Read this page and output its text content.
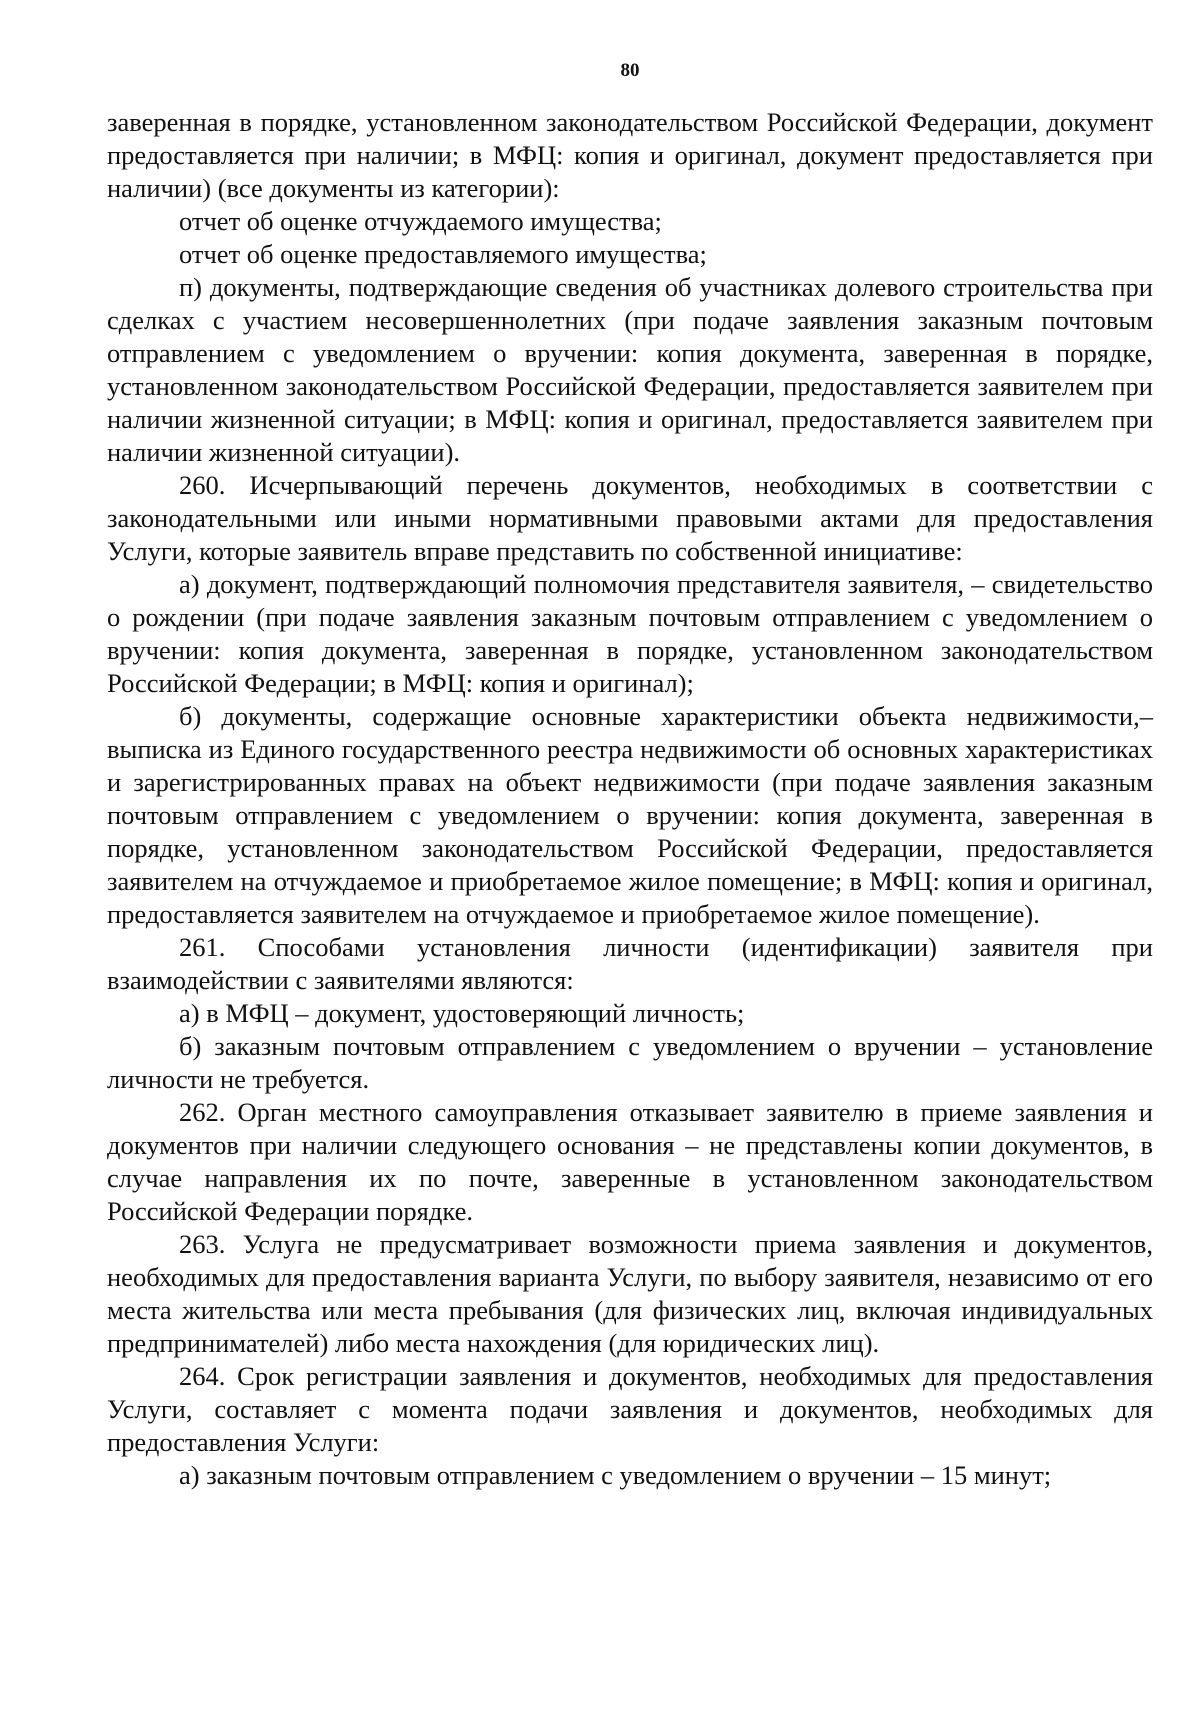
80

заверенная в порядке, установленном законодательством Российской Федерации, документ предоставляется при наличии; в МФЦ: копия и оригинал, документ предоставляется при наличии) (все документы из категории):

отчет об оценке отчуждаемого имущества;

отчет об оценке предоставляемого имущества;

п) документы, подтверждающие сведения об участниках долевого строительства при сделках с участием несовершеннолетних (при подаче заявления заказным почтовым отправлением с уведомлением о вручении: копия документа, заверенная в порядке, установленном законодательством Российской Федерации, предоставляется заявителем при наличии жизненной ситуации; в МФЦ: копия и оригинал, предоставляется заявителем при наличии жизненной ситуации).

260. Исчерпывающий перечень документов, необходимых в соответствии с законодательными или иными нормативными правовыми актами для предоставления Услуги, которые заявитель вправе представить по собственной инициативе:

а) документ, подтверждающий полномочия представителя заявителя, – свидетельство о рождении (при подаче заявления заказным почтовым отправлением с уведомлением о вручении: копия документа, заверенная в порядке, установленном законодательством Российской Федерации; в МФЦ: копия и оригинал);

б) документы, содержащие основные характеристики объекта недвижимости,– выписка из Единого государственного реестра недвижимости об основных характеристиках и зарегистрированных правах на объект недвижимости (при подаче заявления заказным почтовым отправлением с уведомлением о вручении: копия документа, заверенная в порядке, установленном законодательством Российской Федерации, предоставляется заявителем на отчуждаемое и приобретаемое жилое помещение; в МФЦ: копия и оригинал, предоставляется заявителем на отчуждаемое и приобретаемое жилое помещение).

261. Способами установления личности (идентификации) заявителя при взаимодействии с заявителями являются:

а) в МФЦ – документ, удостоверяющий личность;

б) заказным почтовым отправлением с уведомлением о вручении – установление личности не требуется.

262. Орган местного самоуправления отказывает заявителю в приеме заявления и документов при наличии следующего основания – не представлены копии документов, в случае направления их по почте, заверенные в установленном законодательством Российской Федерации порядке.

263. Услуга не предусматривает возможности приема заявления и документов, необходимых для предоставления варианта Услуги, по выбору заявителя, независимо от его места жительства или места пребывания (для физических лиц, включая индивидуальных предпринимателей) либо места нахождения (для юридических лиц).

264. Срок регистрации заявления и документов, необходимых для предоставления Услуги, составляет с момента подачи заявления и документов, необходимых для предоставления Услуги:

а) заказным почтовым отправлением с уведомлением о вручении – 15 минут;
